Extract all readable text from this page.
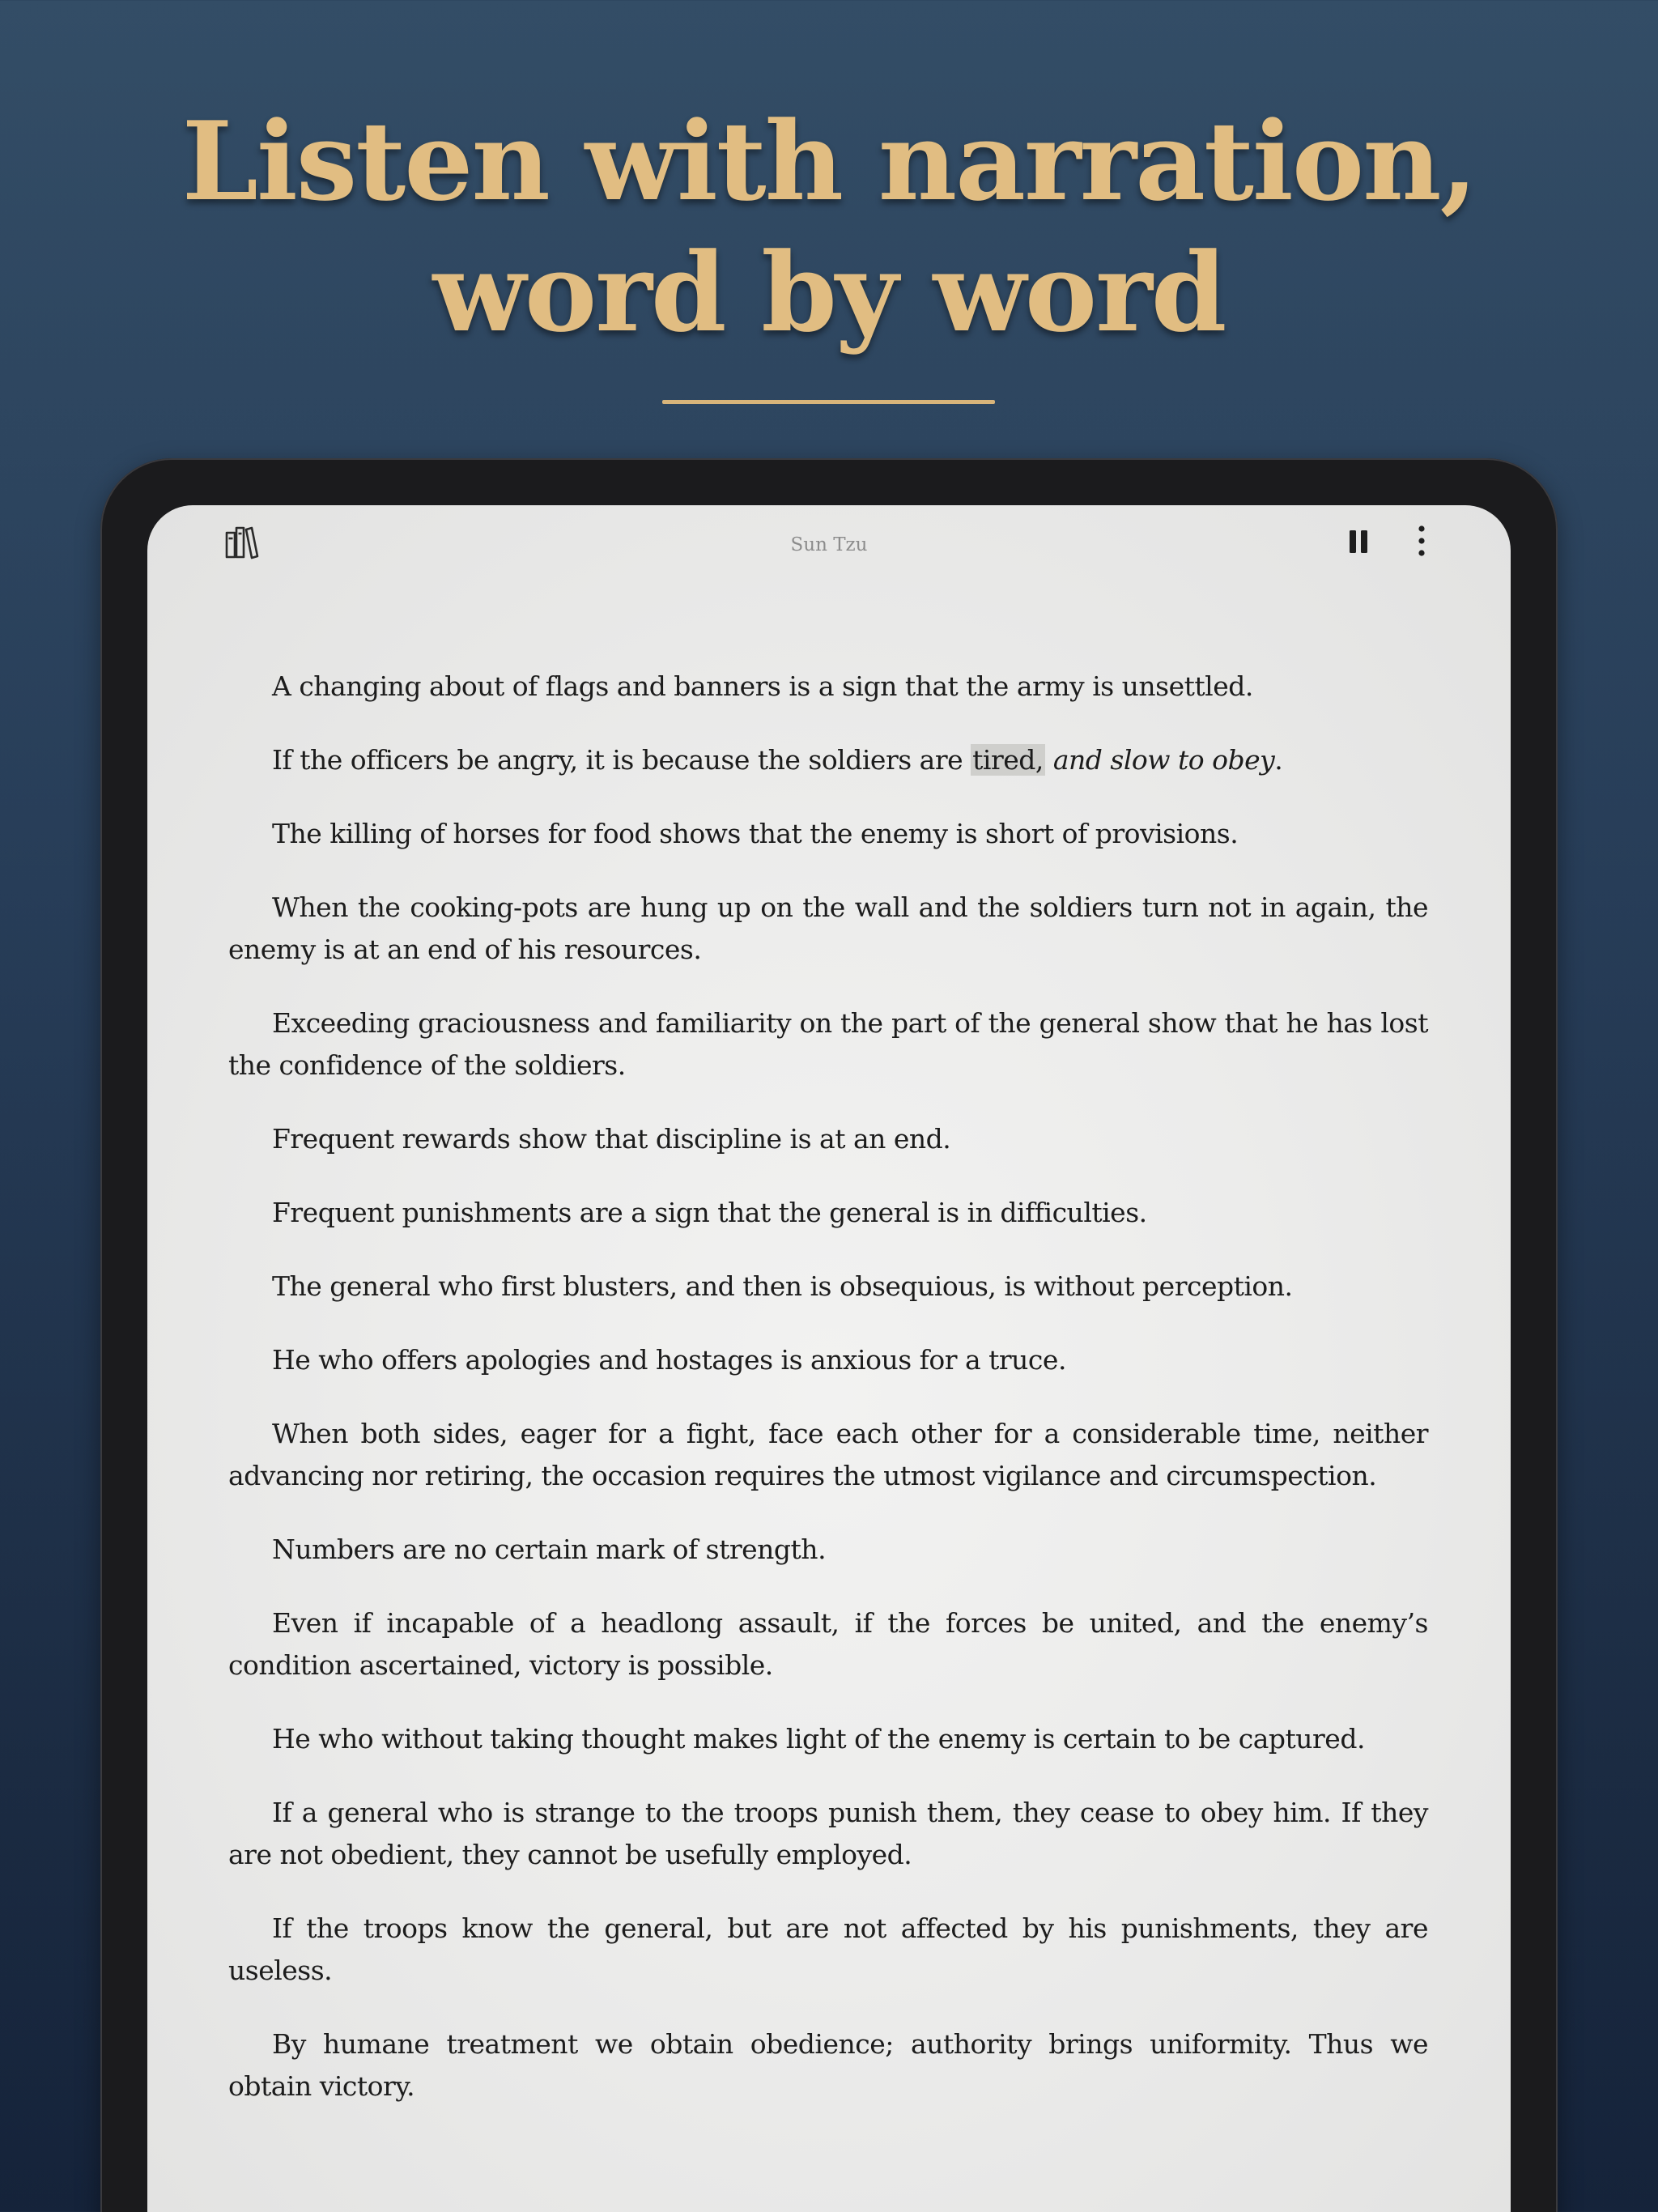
Listen with narration,
word by word
Sun Tzu

A changing about of flags and banners is a sign that the army is unsettled.

If the officers be angry, it is because the soldiers are tired, and slow to obey.

The killing of horses for food shows that the enemy is short of provisions.

When the cooking-pots are hung up on the wall and the soldiers turn not in again, the enemy is at an end of his resources.

Exceeding graciousness and familiarity on the part of the general show that he has lost the confidence of the soldiers.

Frequent rewards show that discipline is at an end.

Frequent punishments are a sign that the general is in difficulties.

The general who first blusters, and then is obsequious, is without perception.

He who offers apologies and hostages is anxious for a truce.

When both sides, eager for a fight, face each other for a considerable time, neither advancing nor retiring, the occasion requires the utmost vigilance and circumspection.

Numbers are no certain mark of strength.

Even if incapable of a headlong assault, if the forces be united, and the enemy’s condition ascertained, victory is possible.

He who without taking thought makes light of the enemy is certain to be captured.

If a general who is strange to the troops punish them, they cease to obey him. If they are not obedient, they cannot be usefully employed.

If the troops know the general, but are not affected by his punishments, they are useless.

By humane treatment we obtain obedience; authority brings uniformity. Thus we obtain victory.
